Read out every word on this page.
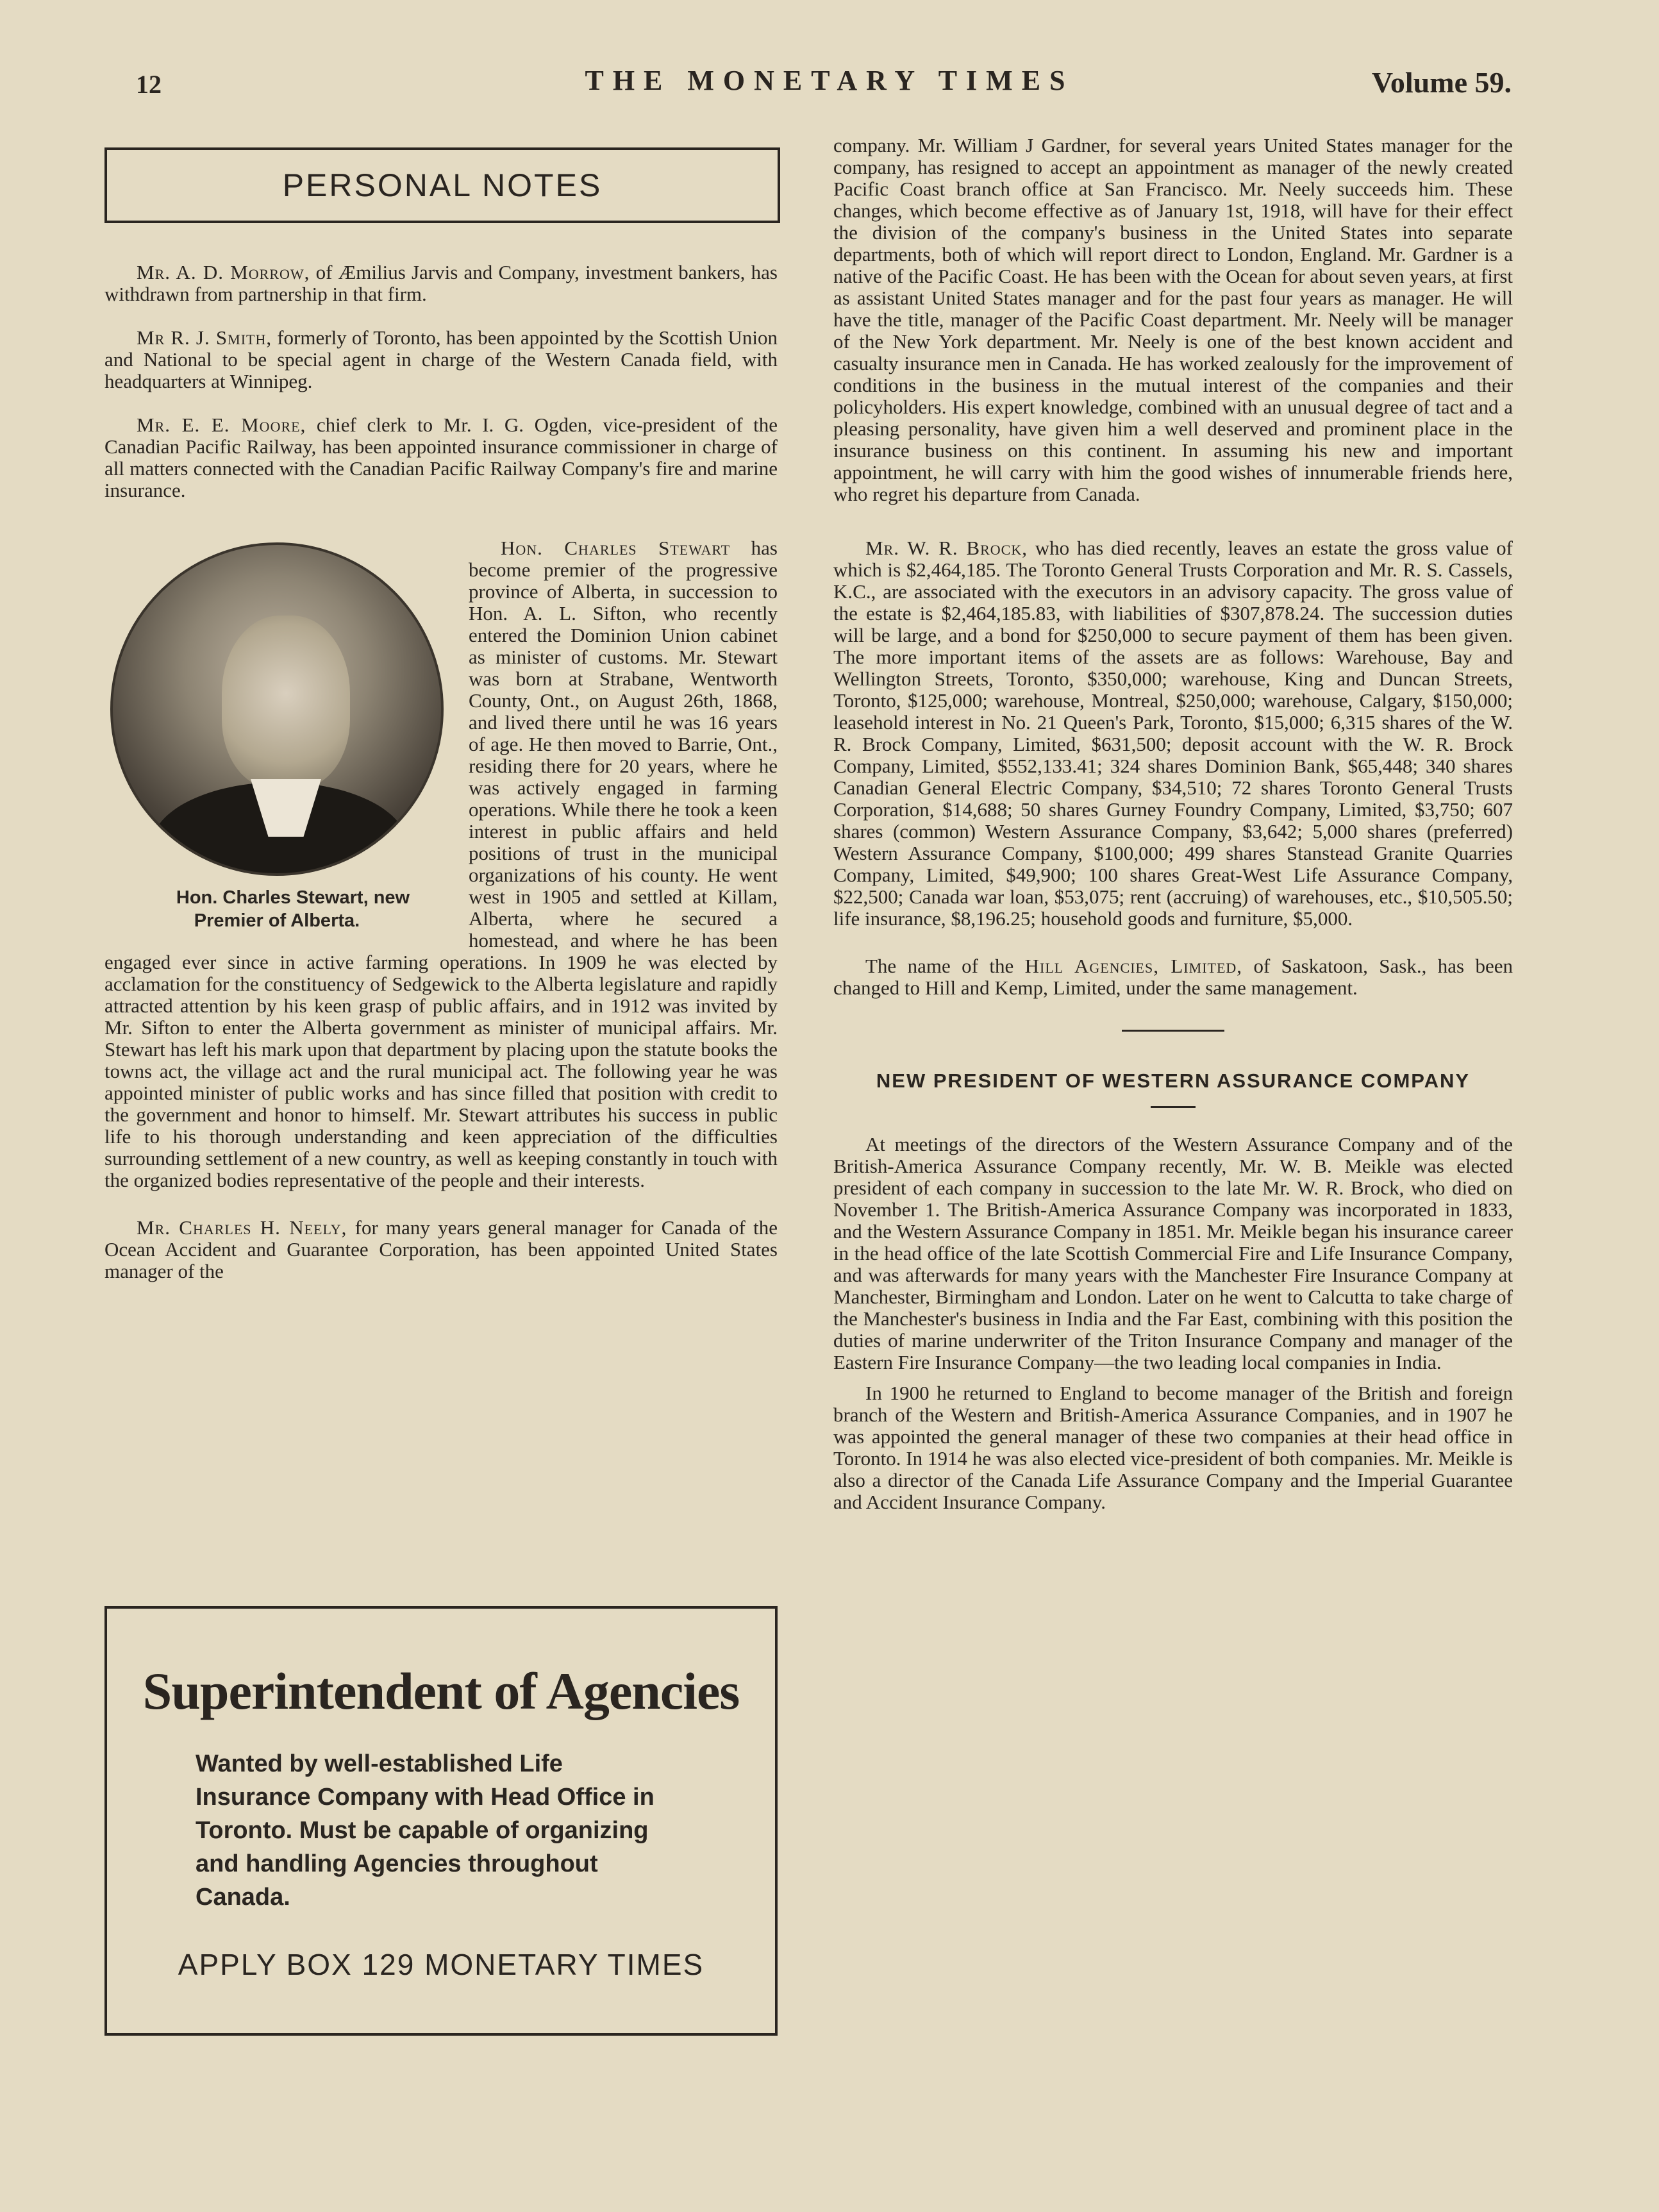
12	THE MONETARY TIMES	Volume 59.
PERSONAL NOTES

Mr. A. D. Morrow, of Æmilius Jarvis and Company, investment bankers, has withdrawn from partnership in that firm.

Mr R. J. Smith, formerly of Toronto, has been appointed by the Scottish Union and National to be special agent in charge of the Western Canada field, with headquarters at Winnipeg.

Mr. E. E. Moore, chief clerk to Mr. I. G. Ogden, vice-president of the Canadian Pacific Railway, has been appointed insurance commissioner in charge of all matters connected with the Canadian Pacific Railway Company's fire and marine insurance.

Hon. Charles Stewart, new
Premier of Alberta.
Hon. Charles Stewart has become premier of the progressive province of Alberta, in succession to Hon. A. L. Sifton, who recently entered the Dominion Union cabinet as minister of customs. Mr. Stewart was born at Strabane, Wentworth County, Ont., on August 26th, 1868, and lived there until he was 16 years of age. He then moved to Barrie, Ont., residing there for 20 years, where he was actively engaged in farming operations. While there he took a keen interest in public affairs and held positions of trust in the municipal organizations of his county. He went west in 1905 and settled at Killam, Alberta, where he secured a homestead, and where he has been engaged ever since in active farming operations. In 1909 he was elected by acclamation for the constituency of Sedgewick to the Alberta legislature and rapidly attracted attention by his keen grasp of public affairs, and in 1912 was invited by Mr. Sifton to enter the Alberta government as minister of municipal affairs. Mr. Stewart has left his mark upon that department by placing upon the statute books the towns act, the village act and the rural municipal act. The following year he was appointed minister of public works and has since filled that position with credit to the government and honor to himself. Mr. Stewart attributes his success in public life to his thorough understanding and keen appreciation of the difficulties surrounding settlement of a new country, as well as keeping constantly in touch with the organized bodies representative of the people and their interests.

Mr. Charles H. Neely, for many years general manager for Canada of the Ocean Accident and Guarantee Corporation, has been appointed United States manager of the

Superintendent of Agencies
Wanted by well-established Life Insurance Company with Head Office in Toronto. Must be capable of organizing and handling Agencies throughout Canada.
APPLY BOX 129 MONETARY TIMES

company. Mr. William J Gardner, for several years United States manager for the company, has resigned to accept an appointment as manager of the newly created Pacific Coast branch office at San Francisco. Mr. Neely succeeds him. These changes, which become effective as of January 1st, 1918, will have for their effect the division of the company's business in the United States into separate departments, both of which will report direct to London, England. Mr. Gardner is a native of the Pacific Coast. He has been with the Ocean for about seven years, at first as assistant United States manager and for the past four years as manager. He will have the title, manager of the Pacific Coast department. Mr. Neely will be manager of the New York department. Mr. Neely is one of the best known accident and casualty insurance men in Canada. He has worked zealously for the improvement of conditions in the business in the mutual interest of the companies and their policyholders. His expert knowledge, combined with an unusual degree of tact and a pleasing personality, have given him a well deserved and prominent place in the insurance business on this continent. In assuming his new and important appointment, he will carry with him the good wishes of innumerable friends here, who regret his departure from Canada.

Mr. W. R. Brock, who has died recently, leaves an estate the gross value of which is $2,464,185. The Toronto General Trusts Corporation and Mr. R. S. Cassels, K.C., are associated with the executors in an advisory capacity. The gross value of the estate is $2,464,185.83, with liabilities of $307,878.24. The succession duties will be large, and a bond for $250,000 to secure payment of them has been given. The more important items of the assets are as follows: Warehouse, Bay and Wellington Streets, Toronto, $350,000; warehouse, King and Duncan Streets, Toronto, $125,000; warehouse, Montreal, $250,000; warehouse, Calgary, $150,000; leasehold interest in No. 21 Queen's Park, Toronto, $15,000; 6,315 shares of the W. R. Brock Company, Limited, $631,500; deposit account with the W. R. Brock Company, Limited, $552,133.41; 324 shares Dominion Bank, $65,448; 340 shares Canadian General Electric Company, $34,510; 72 shares Toronto General Trusts Corporation, $14,688; 50 shares Gurney Foundry Company, Limited, $3,750; 607 shares (common) Western Assurance Company, $3,642; 5,000 shares (preferred) Western Assurance Company, $100,000; 499 shares Stanstead Granite Quarries Company, Limited, $49,900; 100 shares Great-West Life Assurance Company, $22,500; Canada war loan, $53,075; rent (accruing) of warehouses, etc., $10,505.50; life insurance, $8,196.25; household goods and furniture, $5,000.

The name of the Hill Agencies, Limited, of Saskatoon, Sask., has been changed to Hill and Kemp, Limited, under the same management.

NEW PRESIDENT OF WESTERN ASSURANCE COMPANY

At meetings of the directors of the Western Assurance Company and of the British-America Assurance Company recently, Mr. W. B. Meikle was elected president of each company in succession to the late Mr. W. R. Brock, who died on November 1. The British-America Assurance Company was incorporated in 1833, and the Western Assurance Company in 1851. Mr. Meikle began his insurance career in the head office of the late Scottish Commercial Fire and Life Insurance Company, and was afterwards for many years with the Manchester Fire Insurance Company at Manchester, Birmingham and London. Later on he went to Calcutta to take charge of the Manchester's business in India and the Far East, combining with this position the duties of marine underwriter of the Triton Insurance Company and manager of the Eastern Fire Insurance Company—the two leading local companies in India.

In 1900 he returned to England to become manager of the British and foreign branch of the Western and British-America Assurance Companies, and in 1907 he was appointed the general manager of these two companies at their head office in Toronto. In 1914 he was also elected vice-president of both companies. Mr. Meikle is also a director of the Canada Life Assurance Company and the Imperial Guarantee and Accident Insurance Company.
